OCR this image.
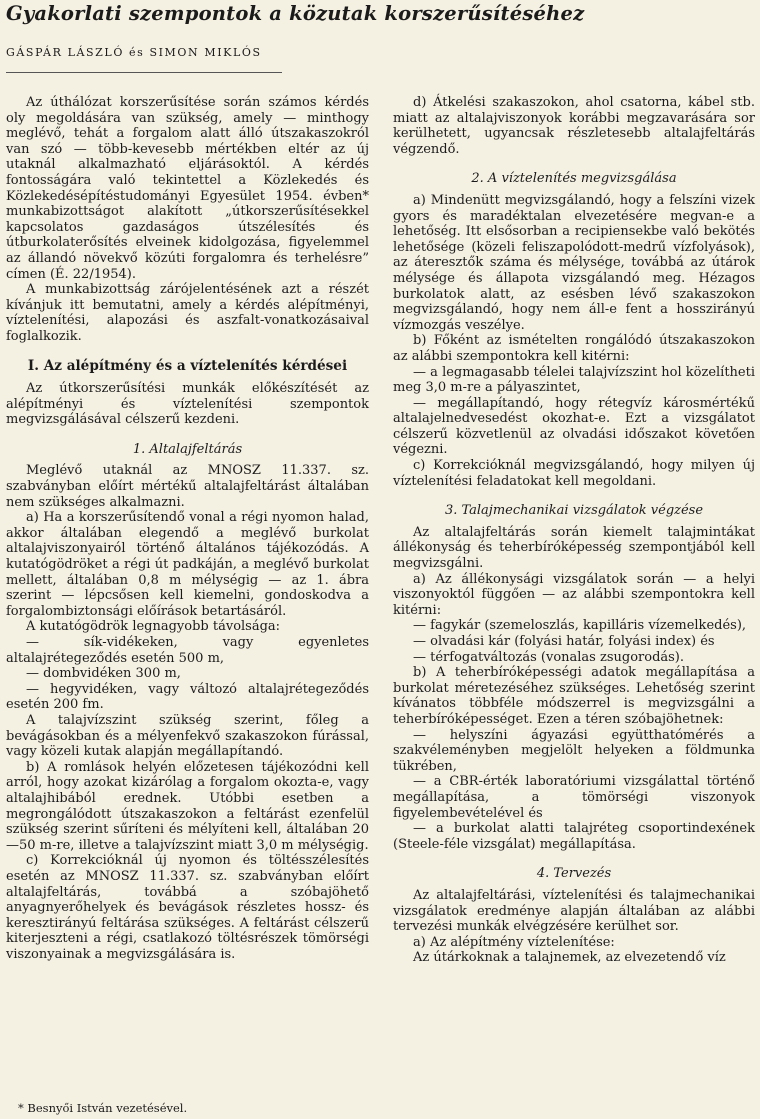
Gyakorlati szempontok a közutak korszerűsítéséhez
GÁSPÁR LÁSZLÓ és SIMON MIKLÓS

Az úthálózat korszerűsítése során számos kérdés oly megoldására van szükség, amely — minthogy meglévő, tehát a forgalom alatt álló útszakaszokról van szó — több-kevesebb mértékben eltér az új utaknál alkalmazható eljárásoktól. A kérdés fontosságára való tekintettel a Közlekedés és Közlekedésépítéstudományi Egyesület 1954. évben* munkabizottságot alakított „útkorszerűsítésekkel kapcsolatos gazdaságos útszélesítés és útburkolaterősítés elveinek kidolgozása, figyelemmel az állandó növekvő közúti forgalomra és terhelésre” címen (É. 22/1954).

A munkabizottság zárójelentésének azt a részét kívánjuk itt bemutatni, amely a kérdés alépítményi, víztelenítési, alapozási és aszfalt-vonatkozásaival foglalkozik.

I. Az alépítmény és a víztelenítés kérdései

Az útkorszerűsítési munkák előkészítését az alépítményi és víztelenítési szempontok megvizsgálásával célszerű kezdeni.

1. Altalajfeltárás

Meglévő utaknál az MNOSZ 11.337. sz. szabványban előírt mértékű altalajfeltárást általában nem szükséges alkalmazni.

a) Ha a korszerűsítendő vonal a régi nyomon halad, akkor általában elegendő a meglévő burkolat altalajviszonyairól történő általános tájékozódás. A kutatógödröket a régi út padkáján, a meglévő burkolat mellett, általában 0,8 m mélységig — az 1. ábra szerint — lépcsősen kell kiemelni, gondoskodva a forgalombiztonsági előírások betartásáról.

A kutatógödrök legnagyobb távolsága:

— sík-vidékeken, vagy egyenletes altalajrétegeződés esetén 500 m,

— dombvidéken 300 m,

— hegyvidéken, vagy változó altalajrétegeződés esetén 200 fm.

A talajvízszint szükség szerint, főleg a bevágásokban és a mélyenfekvő szakaszokon fúrással, vagy közeli kutak alapján megállapítandó.

b) A romlások helyén előzetesen tájékozódni kell arról, hogy azokat kizárólag a forgalom okozta-e, vagy altalajhibából erednek. Utóbbi esetben a megrongálódott útszakaszokon a feltárást ezenfelül szükség szerint sűríteni és mélyíteni kell, általában 20—50 m-re, illetve a talajvízszint miatt 3,0 m mélységig.

c) Korrekcióknál új nyomon és töltésszélesítés esetén az MNOSZ 11.337. sz. szabványban előírt altalajfeltárás, továbbá a szóbajöhető anyagnyerőhelyek és bevágások részletes hossz- és keresztirányú feltárása szükséges. A feltárást célszerű kiterjeszteni a régi, csatlakozó töltésrészek tömörségi viszonyainak a megvizsgálására is.

d) Átkelési szakaszokon, ahol csatorna, kábel stb. miatt az altalajviszonyok korábbi megzavarására sor kerülhetett, ugyancsak részletesebb altalajfeltárás végzendő.

2. A víztelenítés megvizsgálása

a) Mindenütt megvizsgálandó, hogy a felszíni vizek gyors és maradéktalan elvezetésére megvan-e a lehetőség. Itt elsősorban a recipiensekbe való bekötés lehetősége (közeli feliszapolódott-medrű vízfolyások), az áteresztők száma és mélysége, továbbá az útárok mélysége és állapota vizsgálandó meg. Hézagos burkolatok alatt, az esésben lévő szakaszokon megvizsgálandó, hogy nem áll-e fent a hosszirányú vízmozgás veszélye.

b) Főként az ismételten rongálódó útszakaszokon az alábbi szempontokra kell kitérni:

— a legmagasabb télelei talajvízszint hol közelítheti meg 3,0 m-re a pályaszintet,

— megállapítandó, hogy rétegvíz károsmértékű altalajelnedvesedést okozhat-e. Ezt a vizsgálatot célszerű közvetlenül az olvadási időszakot követően végezni.

c) Korrekcióknál megvizsgálandó, hogy milyen új víztelenítési feladatokat kell megoldani.

3. Talajmechanikai vizsgálatok végzése

Az altalajfeltárás során kiemelt talajmintákat állékonyság és teherbíróképesség szempontjából kell megvizsgálni.

a) Az állékonysági vizsgálatok során — a helyi viszonyoktól függően — az alábbi szempontokra kell kitérni:

— fagykár (szemeloszlás, kapilláris vízemelkedés),

— olvadási kár (folyási határ, folyási index) és

— térfogatváltozás (vonalas zsugorodás).

b) A teherbíróképességi adatok megállapítása a burkolat méretezéséhez szükséges. Lehetőség szerint kívánatos többféle módszerrel is megvizsgálni a teherbíróképességet. Ezen a téren szóbajöhetnek:

— helyszíni ágyazási együtthatómérés a szakvéleményben megjelölt helyeken a földmunka tükrében,

— a CBR-érték laboratóriumi vizsgálattal történő megállapítása, a tömörségi viszonyok figyelembevételével és

— a burkolat alatti talajréteg csoportindexének (Steele-féle vizsgálat) megállapítása.

4. Tervezés

Az altalajfeltárási, víztelenítési és talajmechanikai vizsgálatok eredménye alapján általában az alábbi tervezési munkák elvégzésére kerülhet sor.

a) Az alépítmény víztelenítése:

Az útárkoknak a talajnemek, az elvezetendő víz

* Besnyői István vezetésével.
